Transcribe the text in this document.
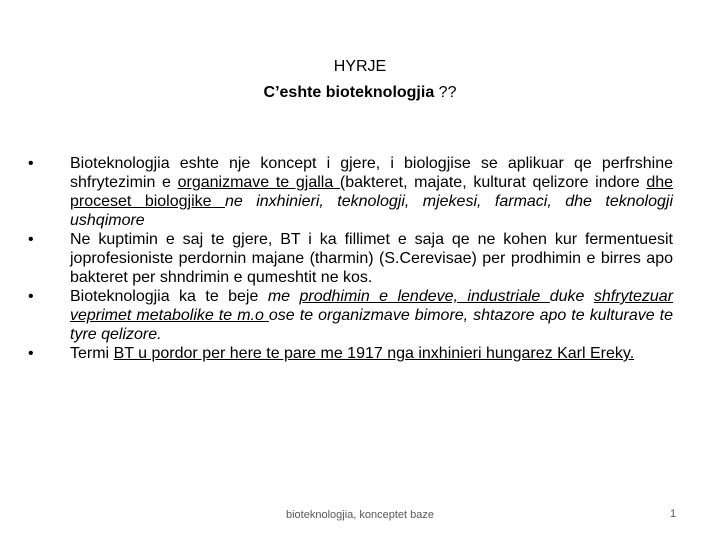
HYRJE
C’eshte bioteknologjia ??
•	Bioteknologjia eshte nje koncept i gjere, i biologjise se aplikuar qe perfrshine shfrytezimin e organizmave te gjalla (bakteret, majate, kulturat qelizore indore dhe proceset biologjike ne inxhinieri, teknologji, mjekesi, farmaci, dhe teknologji ushqimore
•	Ne kuptimin e saj te gjere, BT i ka fillimet e saja qe ne kohen kur fermentuesit joprofesioniste perdornin majane (tharmin) (S.Cerevisae) per prodhimin e birres apo bakteret per shndrimin e qumeshtit ne kos.
•	Bioteknologjia ka te beje me prodhimin e lendeve, industriale duke shfrytezuar veprimet metabolike te m.o ose te organizmave bimore, shtazore apo te kulturave te tyre qelizore.
•	Termi BT u pordor per here te pare me 1917 nga inxhinieri hungarez Karl Ereky.
bioteknologjia, konceptet baze	1
